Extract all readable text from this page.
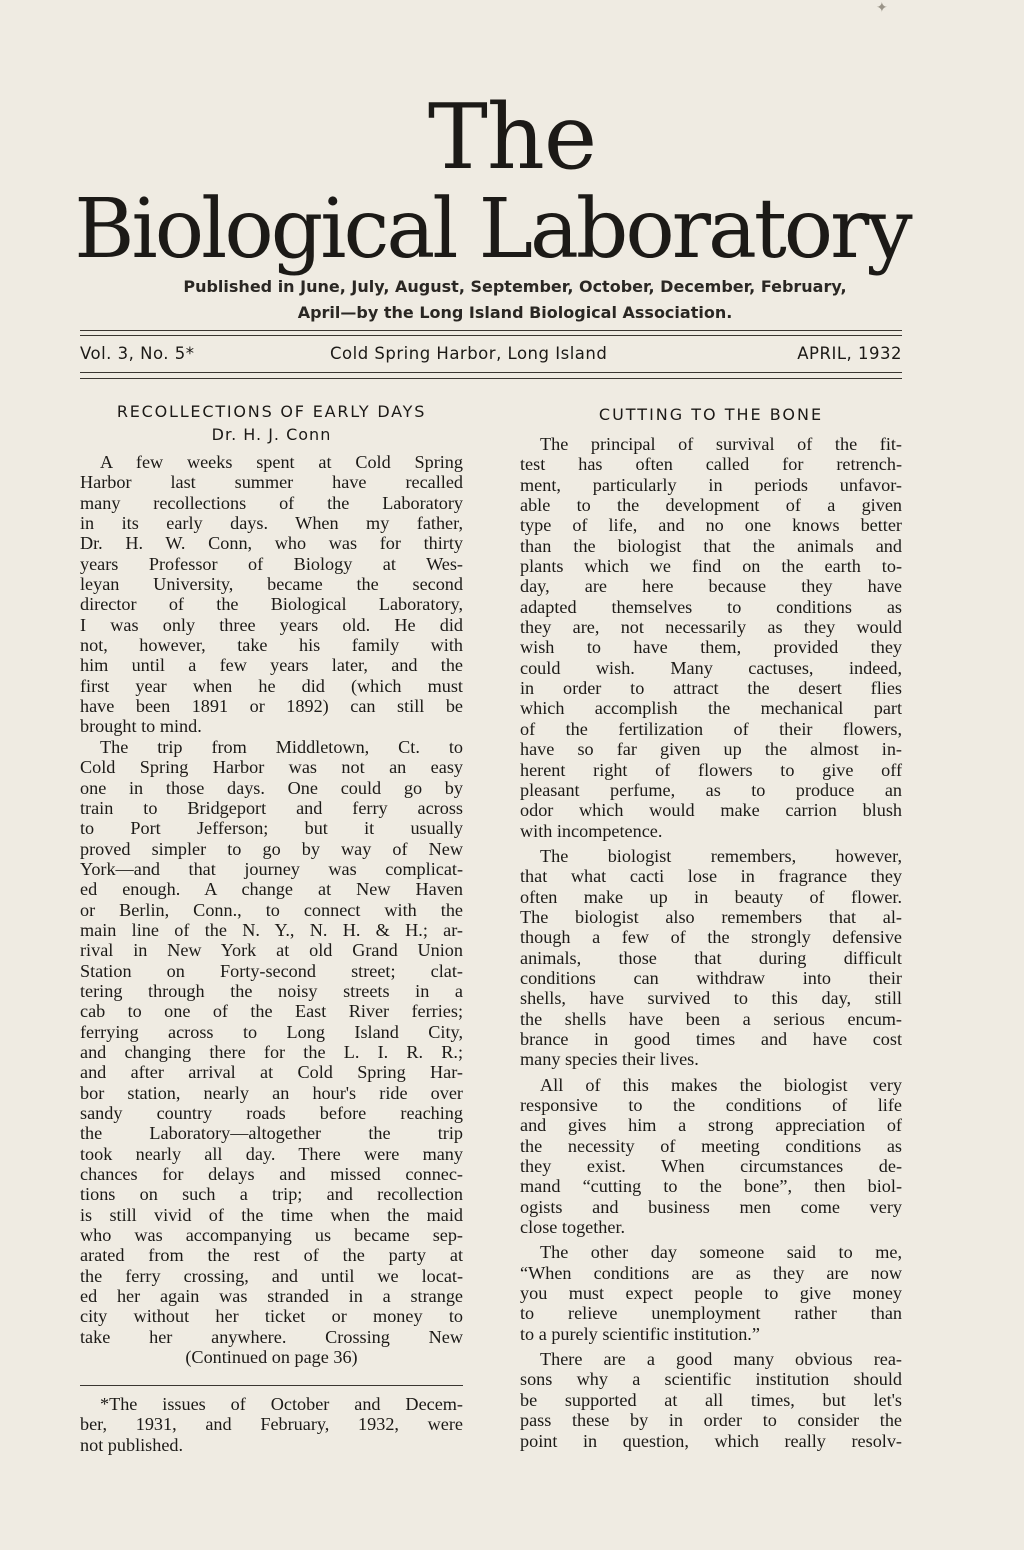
The
Biological Laboratory
Published in June, July, August, September, October, December, February,
April—by the Long Island Biological Association.
Vol. 3, No. 5*	Cold Spring Harbor, Long Island	APRIL, 1932
RECOLLECTIONS OF EARLY DAYS
Dr. H. J. Conn
A few weeks spent at Cold Spring
Harbor last summer have recalled
many recollections of the Laboratory
in its early days. When my father,
Dr. H. W. Conn, who was for thirty
years Professor of Biology at Wes-
leyan University, became the second
director of the Biological Laboratory,
I was only three years old. He did
not, however, take his family with
him until a few years later, and the
first year when he did (which must
have been 1891 or 1892) can still be
brought to mind.
The trip from Middletown, Ct. to
Cold Spring Harbor was not an easy
one in those days. One could go by
train to Bridgeport and ferry across
to Port Jefferson; but it usually
proved simpler to go by way of New
York—and that journey was complicat-
ed enough. A change at New Haven
or Berlin, Conn., to connect with the
main line of the N. Y., N. H. & H.; ar-
rival in New York at old Grand Union
Station on Forty-second street; clat-
tering through the noisy streets in a
cab to one of the East River ferries;
ferrying across to Long Island City,
and changing there for the L. I. R. R.;
and after arrival at Cold Spring Har-
bor station, nearly an hour's ride over
sandy country roads before reaching
the Laboratory—altogether the trip
took nearly all day. There were many
chances for delays and missed connec-
tions on such a trip; and recollection
is still vivid of the time when the maid
who was accompanying us became sep-
arated from the rest of the party at
the ferry crossing, and until we locat-
ed her again was stranded in a strange
city without her ticket or money to
take her anywhere. Crossing New
(Continued on page 36)
*The issues of October and Decem-
ber, 1931, and February, 1932, were
not published.
CUTTING TO THE BONE
The principal of survival of the fit-
test has often called for retrench-
ment, particularly in periods unfavor-
able to the development of a given
type of life, and no one knows better
than the biologist that the animals and
plants which we find on the earth to-
day, are here because they have
adapted themselves to conditions as
they are, not necessarily as they would
wish to have them, provided they
could wish. Many cactuses, indeed,
in order to attract the desert flies
which accomplish the mechanical part
of the fertilization of their flowers,
have so far given up the almost in-
herent right of flowers to give off
pleasant perfume, as to produce an
odor which would make carrion blush
with incompetence.
The biologist remembers, however,
that what cacti lose in fragrance they
often make up in beauty of flower.
The biologist also remembers that al-
though a few of the strongly defensive
animals, those that during difficult
conditions can withdraw into their
shells, have survived to this day, still
the shells have been a serious encum-
brance in good times and have cost
many species their lives.
All of this makes the biologist very
responsive to the conditions of life
and gives him a strong appreciation of
the necessity of meeting conditions as
they exist. When circumstances de-
mand “cutting to the bone”, then biol-
ogists and business men come very
close together.
The other day someone said to me,
“When conditions are as they are now
you must expect people to give money
to relieve unemployment rather than
to a purely scientific institution.”
There are a good many obvious rea-
sons why a scientific institution should
be supported at all times, but let's
pass these by in order to consider the
point in question, which really resolv-
✦
